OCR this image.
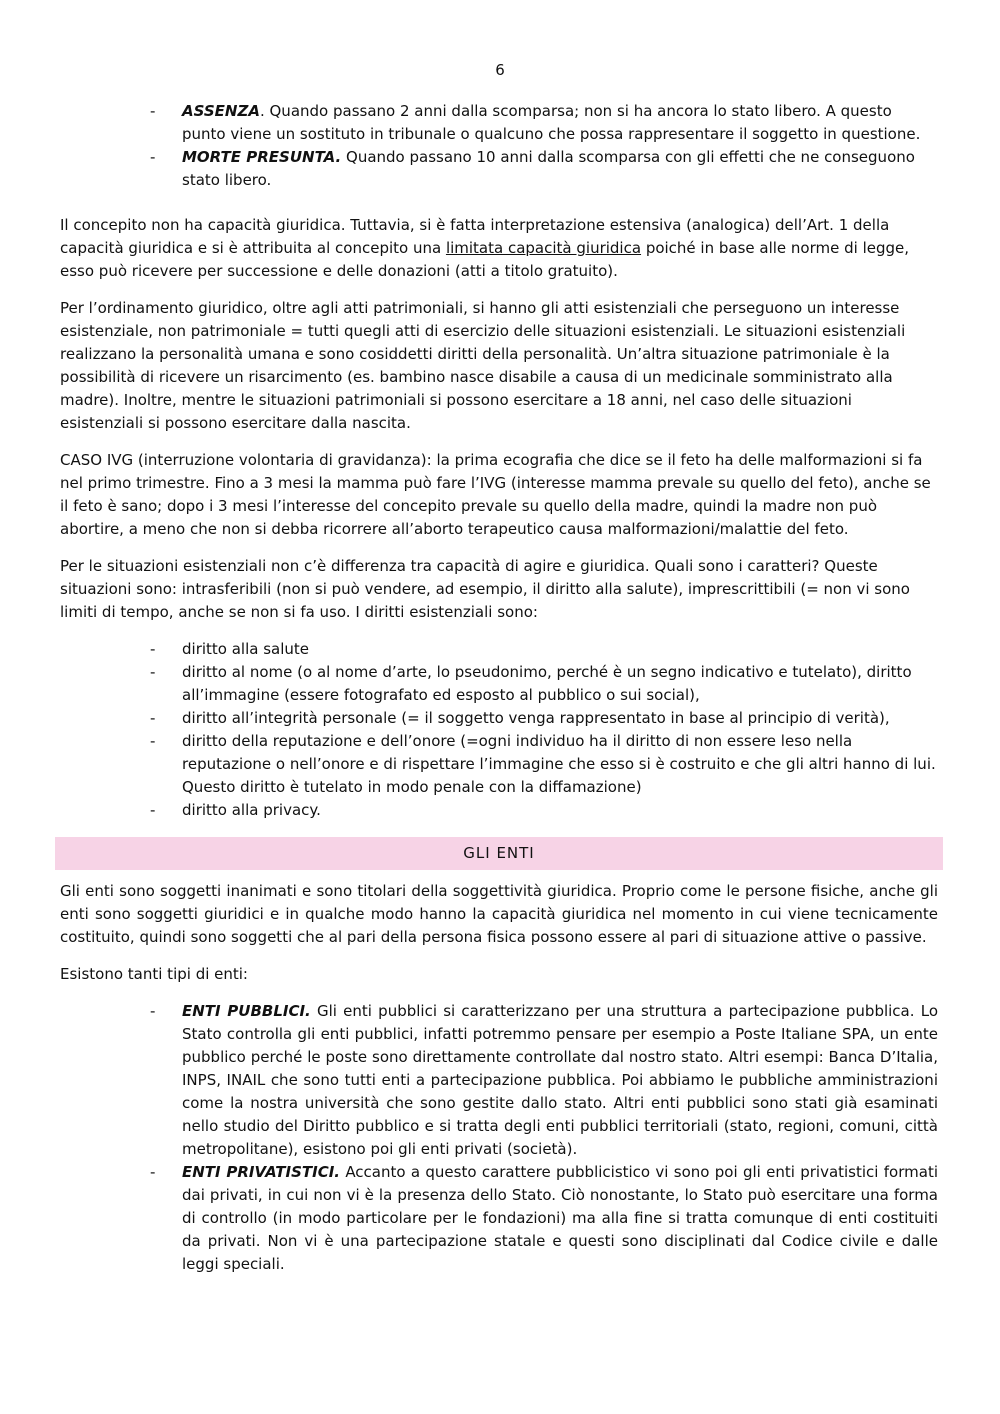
6
- ASSENZA. Quando passano 2 anni dalla scomparsa; non si ha ancora lo stato libero. A questo punto viene un sostituto in tribunale o qualcuno che possa rappresentare il soggetto in questione.
- MORTE PRESUNTA. Quando passano 10 anni dalla scomparsa con gli effetti che ne conseguono stato libero.

Il concepito non ha capacità giuridica. Tuttavia, si è fatta interpretazione estensiva (analogica) dell’Art. 1 della capacità giuridica e si è attribuita al concepito una limitata capacità giuridica poiché in base alle norme di legge, esso può ricevere per successione e delle donazioni (atti a titolo gratuito).

Per l’ordinamento giuridico, oltre agli atti patrimoniali, si hanno gli atti esistenziali che perseguono un interesse esistenziale, non patrimoniale = tutti quegli atti di esercizio delle situazioni esistenziali. Le situazioni esistenziali realizzano la personalità umana e sono cosiddetti diritti della personalità. Un’altra situazione patrimoniale è la possibilità di ricevere un risarcimento (es. bambino nasce disabile a causa di un medicinale somministrato alla madre). Inoltre, mentre le situazioni patrimoniali si possono esercitare a 18 anni, nel caso delle situazioni esistenziali si possono esercitare dalla nascita.

CASO IVG (interruzione volontaria di gravidanza): la prima ecografia che dice se il feto ha delle malformazioni si fa nel primo trimestre. Fino a 3 mesi la mamma può fare l’IVG (interesse mamma prevale su quello del feto), anche se il feto è sano; dopo i 3 mesi l’interesse del concepito prevale su quello della madre, quindi la madre non può abortire, a meno che non si debba ricorrere all’aborto terapeutico causa malformazioni/malattie del feto.

Per le situazioni esistenziali non c’è differenza tra capacità di agire e giuridica. Quali sono i caratteri? Queste situazioni sono: intrasferibili (non si può vendere, ad esempio, il diritto alla salute), imprescrittibili (= non vi sono limiti di tempo, anche se non si fa uso. I diritti esistenziali sono:

- diritto alla salute
- diritto al nome (o al nome d’arte, lo pseudonimo, perché è un segno indicativo e tutelato), diritto all’immagine (essere fotografato ed esposto al pubblico o sui social),
- diritto all’integrità personale (= il soggetto venga rappresentato in base al principio di verità),
- diritto della reputazione e dell’onore (=ogni individuo ha il diritto di non essere leso nella reputazione o nell’onore e di rispettare l’immagine che esso si è costruito e che gli altri hanno di lui. Questo diritto è tutelato in modo penale con la diffamazione)
- diritto alla privacy.
GLI ENTI

Gli enti sono soggetti inanimati e sono titolari della soggettività giuridica. Proprio come le persone fisiche, anche gli enti sono soggetti giuridici e in qualche modo hanno la capacità giuridica nel momento in cui viene tecnicamente costituito, quindi sono soggetti che al pari della persona fisica possono essere al pari di situazione attive o passive.

Esistono tanti tipi di enti:

- ENTI PUBBLICI. Gli enti pubblici si caratterizzano per una struttura a partecipazione pubblica. Lo Stato controlla gli enti pubblici, infatti potremmo pensare per esempio a Poste Italiane SPA, un ente pubblico perché le poste sono direttamente controllate dal nostro stato. Altri esempi: Banca D’Italia, INPS, INAIL che sono tutti enti a partecipazione pubblica. Poi abbiamo le pubbliche amministrazioni come la nostra università che sono gestite dallo stato. Altri enti pubblici sono stati già esaminati nello studio del Diritto pubblico e si tratta degli enti pubblici territoriali (stato, regioni, comuni, città metropolitane), esistono poi gli enti privati (società).
- ENTI PRIVATISTICI. Accanto a questo carattere pubblicistico vi sono poi gli enti privatistici formati dai privati, in cui non vi è la presenza dello Stato. Ciò nonostante, lo Stato può esercitare una forma di controllo (in modo particolare per le fondazioni) ma alla fine si tratta comunque di enti costituiti da privati. Non vi è una partecipazione statale e questi sono disciplinati dal Codice civile e dalle leggi speciali.
